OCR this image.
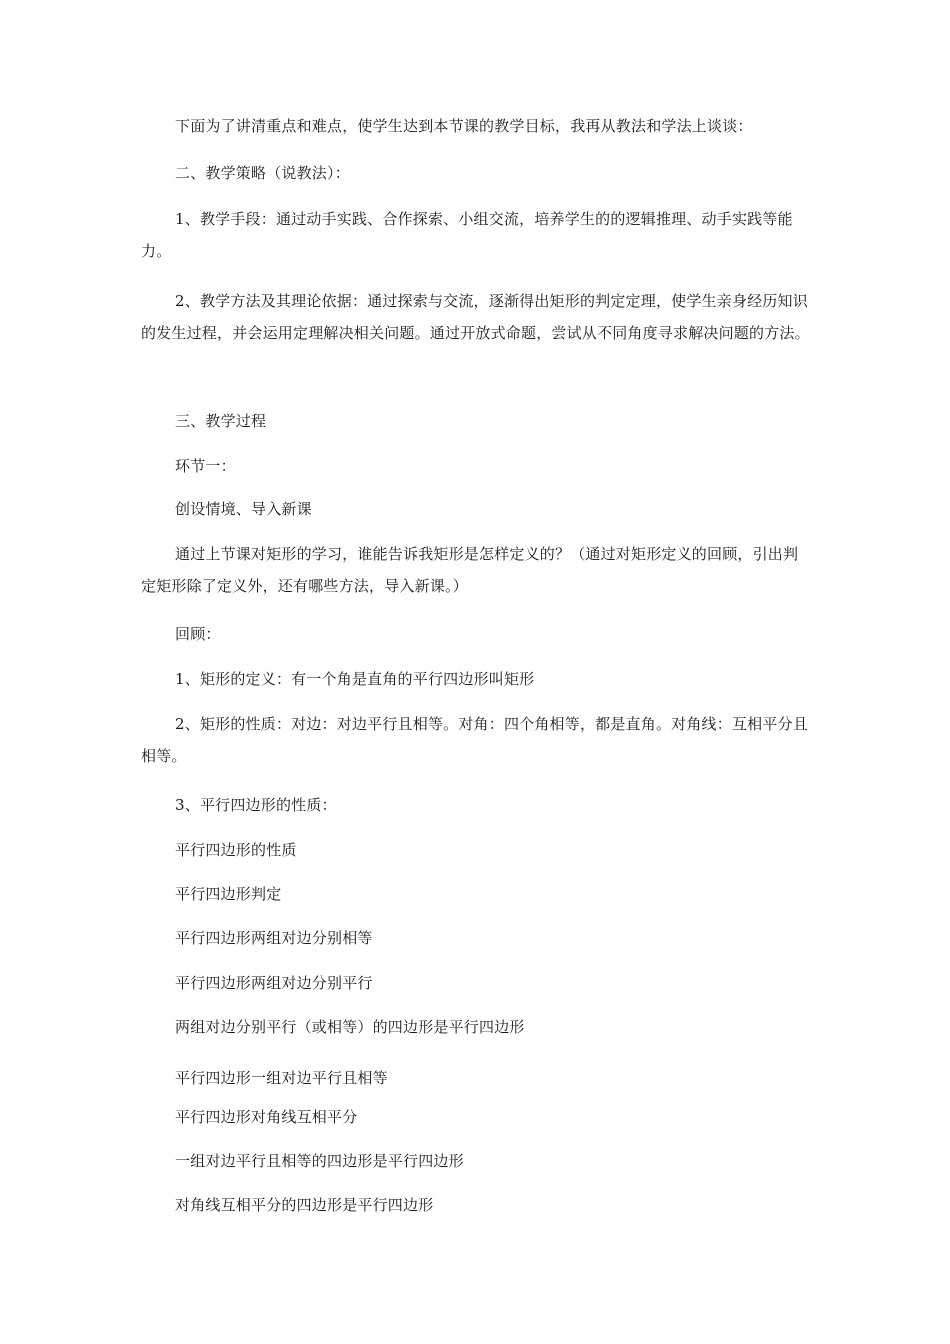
下面为了讲清重点和难点，使学生达到本节课的教学目标，我再从教法和学法上谈谈：

二、教学策略（说教法）：

1、教学手段：通过动手实践、合作探索、小组交流，培养学生的的逻辑推理、动手实践等能力。

2、教学方法及其理论依据：通过探索与交流，逐渐得出矩形的判定定理，使学生亲身经历知识的发生过程，并会运用定理解决相关问题。通过开放式命题，尝试从不同角度寻求解决问题的方法。

三、教学过程

环节一：

创设情境、导入新课

通过上节课对矩形的学习，谁能告诉我矩形是怎样定义的？（通过对矩形定义的回顾，引出判定矩形除了定义外，还有哪些方法，导入新课。）

回顾：

1、矩形的定义：有一个角是直角的平行四边形叫矩形

2、矩形的性质：对边：对边平行且相等。对角：四个角相等，都是直角。对角线：互相平分且相等。

3、平行四边形的性质：

平行四边形的性质

平行四边形判定

平行四边形两组对边分别相等

平行四边形两组对边分别平行

两组对边分别平行（或相等）的四边形是平行四边形

平行四边形一组对边平行且相等

平行四边形对角线互相平分

一组对边平行且相等的四边形是平行四边形

对角线互相平分的四边形是平行四边形
